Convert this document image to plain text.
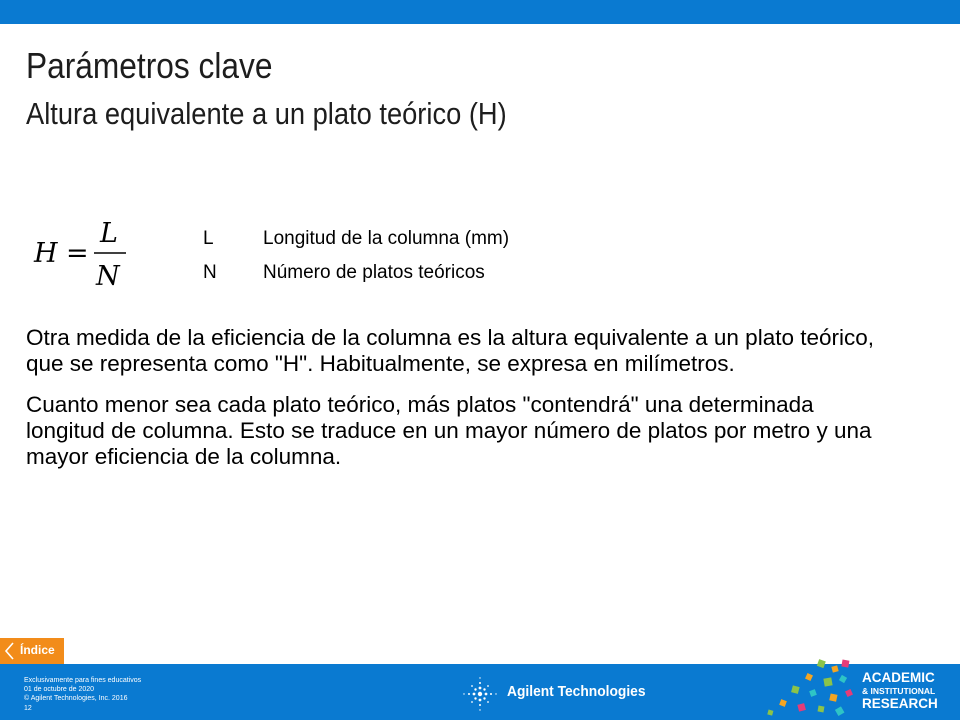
Parámetros clave
Altura equivalente a un plato teórico (H)
H =
L
N
L	Longitud de la columna (mm)
N	Número de platos teóricos

Otra medida de la eficiencia de la columna es la altura equivalente a un plato teórico, que se representa como "H". Habitualmente, se expresa en milímetros.

Cuanto menor sea cada plato teórico, más platos "contendrá" una determinada longitud de columna. Esto se traduce en un mayor número de platos por metro y una mayor eficiencia de la columna.

Índice
Exclusivamente para fines educativos
01 de octubre de 2020
© Agilent Technologies, Inc. 2016
12
Agilent Technologies
ACADEMIC
& INSTITUTIONAL
RESEARCH
